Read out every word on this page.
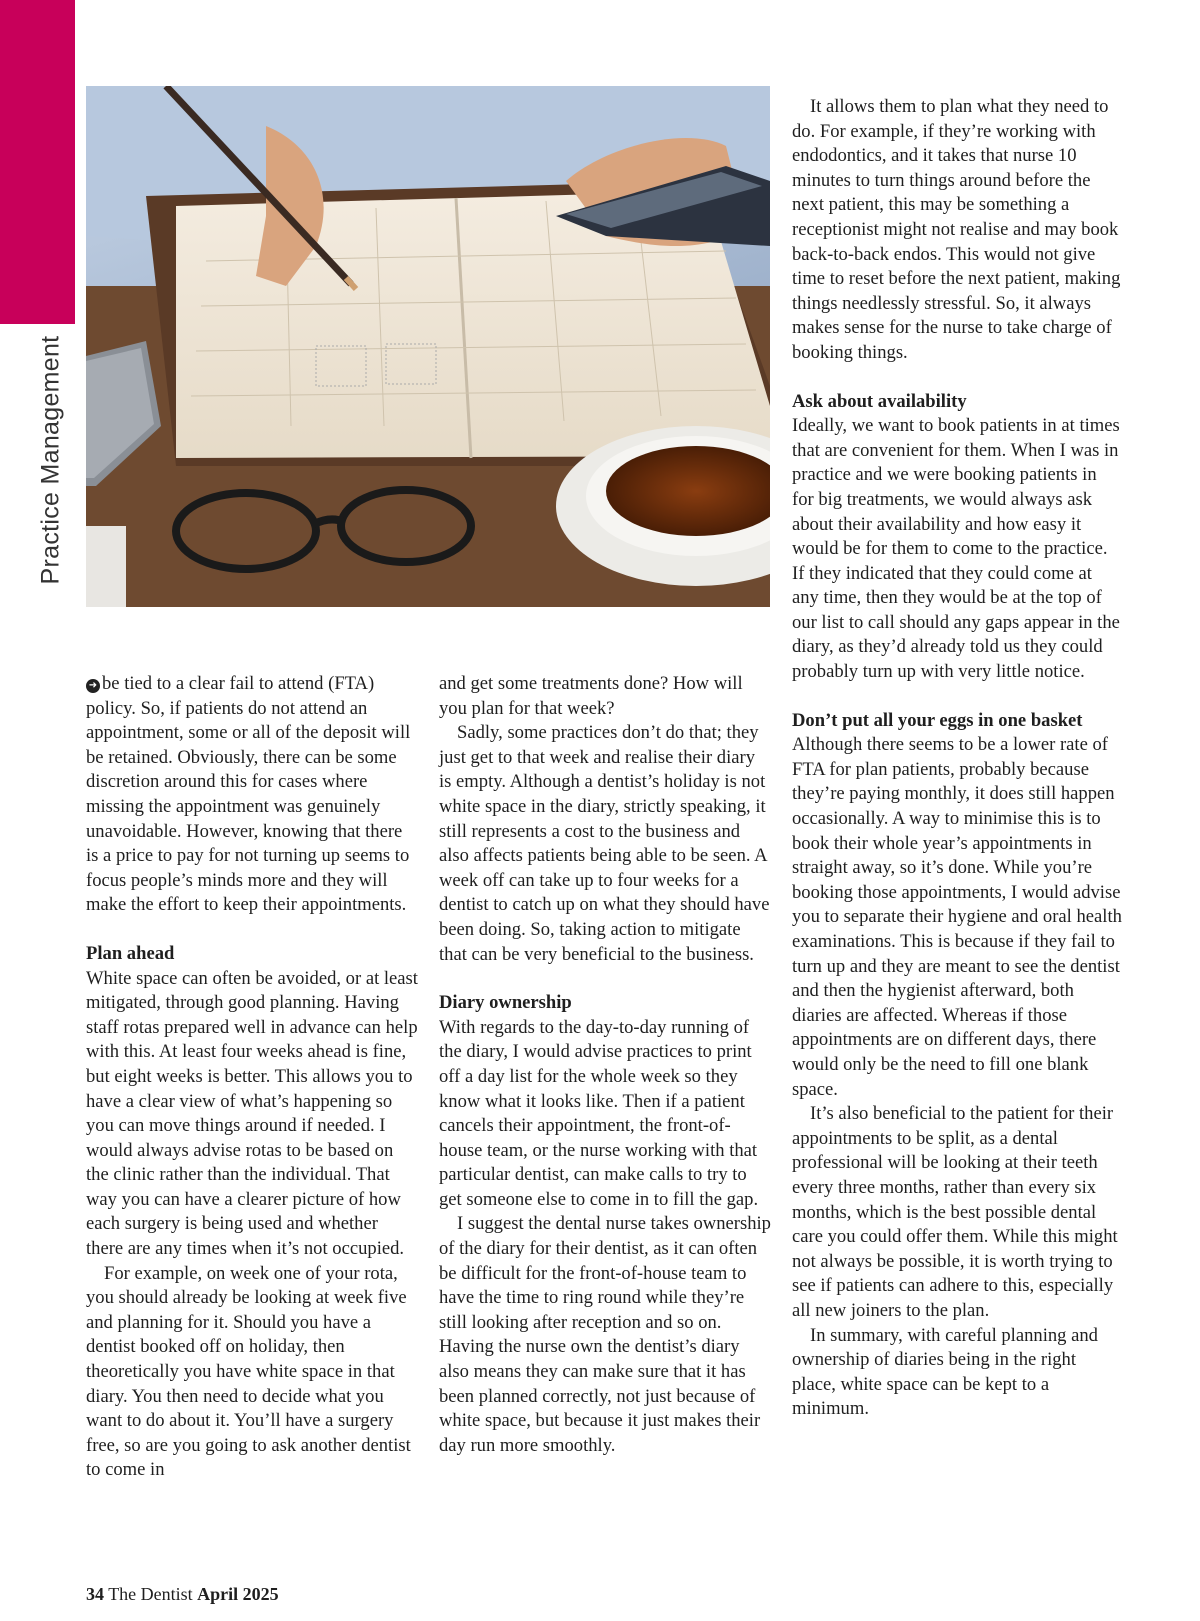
Practice Management

➜ be tied to a clear fail to attend (FTA) policy. So, if patients do not attend an appointment, some or all of the deposit will be retained. Obviously, there can be some discretion around this for cases where missing the appointment was genuinely unavoidable. However, knowing that there is a price to pay for not turning up seems to focus people’s minds more and they will make the effort to keep their appointments.

Plan ahead

White space can often be avoided, or at least mitigated, through good planning. Having staff rotas prepared well in advance can help with this. At least four weeks ahead is fine, but eight weeks is better. This allows you to have a clear view of what’s happening so you can move things around if needed. I would always advise rotas to be based on the clinic rather than the individual. That way you can have a clearer picture of how each surgery is being used and whether there are any times when it’s not occupied.

For example, on week one of your rota, you should already be looking at week five and planning for it. Should you have a dentist booked off on holiday, then theoretically you have white space in that diary. You then need to decide what you want to do about it. You’ll have a surgery free, so are you going to ask another dentist to come in

and get some treatments done? How will you plan for that week?

Sadly, some practices don’t do that; they just get to that week and realise their diary is empty. Although a dentist’s holiday is not white space in the diary, strictly speaking, it still represents a cost to the business and also affects patients being able to be seen. A week off can take up to four weeks for a dentist to catch up on what they should have been doing. So, taking action to mitigate that can be very beneficial to the business.

Diary ownership

With regards to the day-to-day running of the diary, I would advise practices to print off a day list for the whole week so they know what it looks like. Then if a patient cancels their appointment, the front-of-house team, or the nurse working with that particular dentist, can make calls to try to get someone else to come in to fill the gap.

I suggest the dental nurse takes ownership of the diary for their dentist, as it can often be difficult for the front-of-house team to have the time to ring round while they’re still looking after reception and so on. Having the nurse own the dentist’s diary also means they can make sure that it has been planned correctly, not just because of white space, but because it just makes their day run more smoothly.

It allows them to plan what they need to do. For example, if they’re working with endodontics, and it takes that nurse 10 minutes to turn things around before the next patient, this may be something a receptionist might not realise and may book back-to-back endos. This would not give time to reset before the next patient, making things needlessly stressful. So, it always makes sense for the nurse to take charge of booking things.

Ask about availability

Ideally, we want to book patients in at times that are convenient for them. When I was in practice and we were booking patients in for big treatments, we would always ask about their availability and how easy it would be for them to come to the practice. If they indicated that they could come at any time, then they would be at the top of our list to call should any gaps appear in the diary, as they’d already told us they could probably turn up with very little notice.

Don’t put all your eggs in one basket

Although there seems to be a lower rate of FTA for plan patients, probably because they’re paying monthly, it does still happen occasionally. A way to minimise this is to book their whole year’s appointments in straight away, so it’s done. While you’re booking those appointments, I would advise you to separate their hygiene and oral health examinations. This is because if they fail to turn up and they are meant to see the dentist and then the hygienist afterward, both diaries are affected. Whereas if those appointments are on different days, there would only be the need to fill one blank space.

It’s also beneficial to the patient for their appointments to be split, as a dental professional will be looking at their teeth every three months, rather than every six months, which is the best possible dental care you could offer them. While this might not always be possible, it is worth trying to see if patients can adhere to this, especially all new joiners to the plan.

In summary, with careful planning and ownership of diaries being in the right place, white space can be kept to a minimum.

34 The Dentist April 2025
